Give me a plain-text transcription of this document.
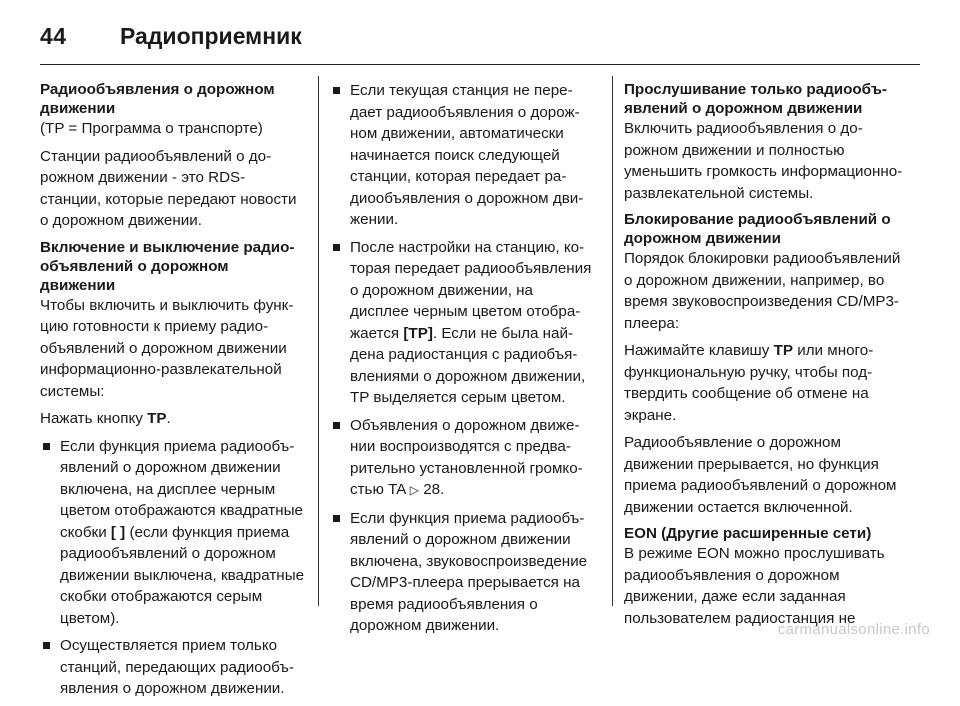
44	Радиоприемник
Радиообъявления о дорожном движении

(TP = Программа о транспорте)

Станции радиообъявлений о дорожном движении - это RDS-станции, которые передают новости о дорожном движении.

Включение и выключение радиообъявлений о дорожном движении

Чтобы включить и выключить функцию готовности к приему радиообъявлений о дорожном движении информационно-развлекательной системы:

Нажать кнопку TP.

Если функция приема радиообъявлений о дорожном движении включена, на дисплее черным цветом отображаются квадратные скобки [ ] (если функция приема радиообъявлений о дорожном движении выключена, квадратные скобки отображаются серым цветом).
Осуществляется прием только станций, передающих радиообъявления о дорожном движении.
Если текущая станция не передает радиообъявления о дорожном движении, автоматически начинается поиск следующей станции, которая передает радиообъявления о дорожном движении.
После настройки на станцию, которая передает радиообъявления о дорожном движении, на дисплее черным цветом отображается [TP]. Если не была найдена радиостанция с радиобъявлениями о дорожном движении, TP выделяется серым цветом.
Объявления о дорожном движении воспроизводятся с предварительно установленной громкостью TA ▷ 28.
Если функция приема радиообъявлений о дорожном движении включена, звуковоспроизведение CD/MP3-плеера прерывается на время радиообъявления о дорожном движении.
Прослушивание только радиообъявлений о дорожном движении

Включить радиообъявления о дорожном движении и полностью уменьшить громкость информационно-развлекательной системы.

Блокирование радиообъявлений о дорожном движении

Порядок блокировки радиообъявлений о дорожном движении, например, во время звуковоспроизведения CD/MP3-плеера:

Нажимайте клавишу TP или многофункциональную ручку, чтобы подтвердить сообщение об отмене на экране.

Радиообъявление о дорожном движении прерывается, но функция приема радиообъявлений о дорожном движении остается включенной.

EON (Другие расширенные сети)

В режиме EON можно прослушивать радиообъявления о дорожном движении, даже если заданная пользователем радиостанция не

carmanualsonline.info
